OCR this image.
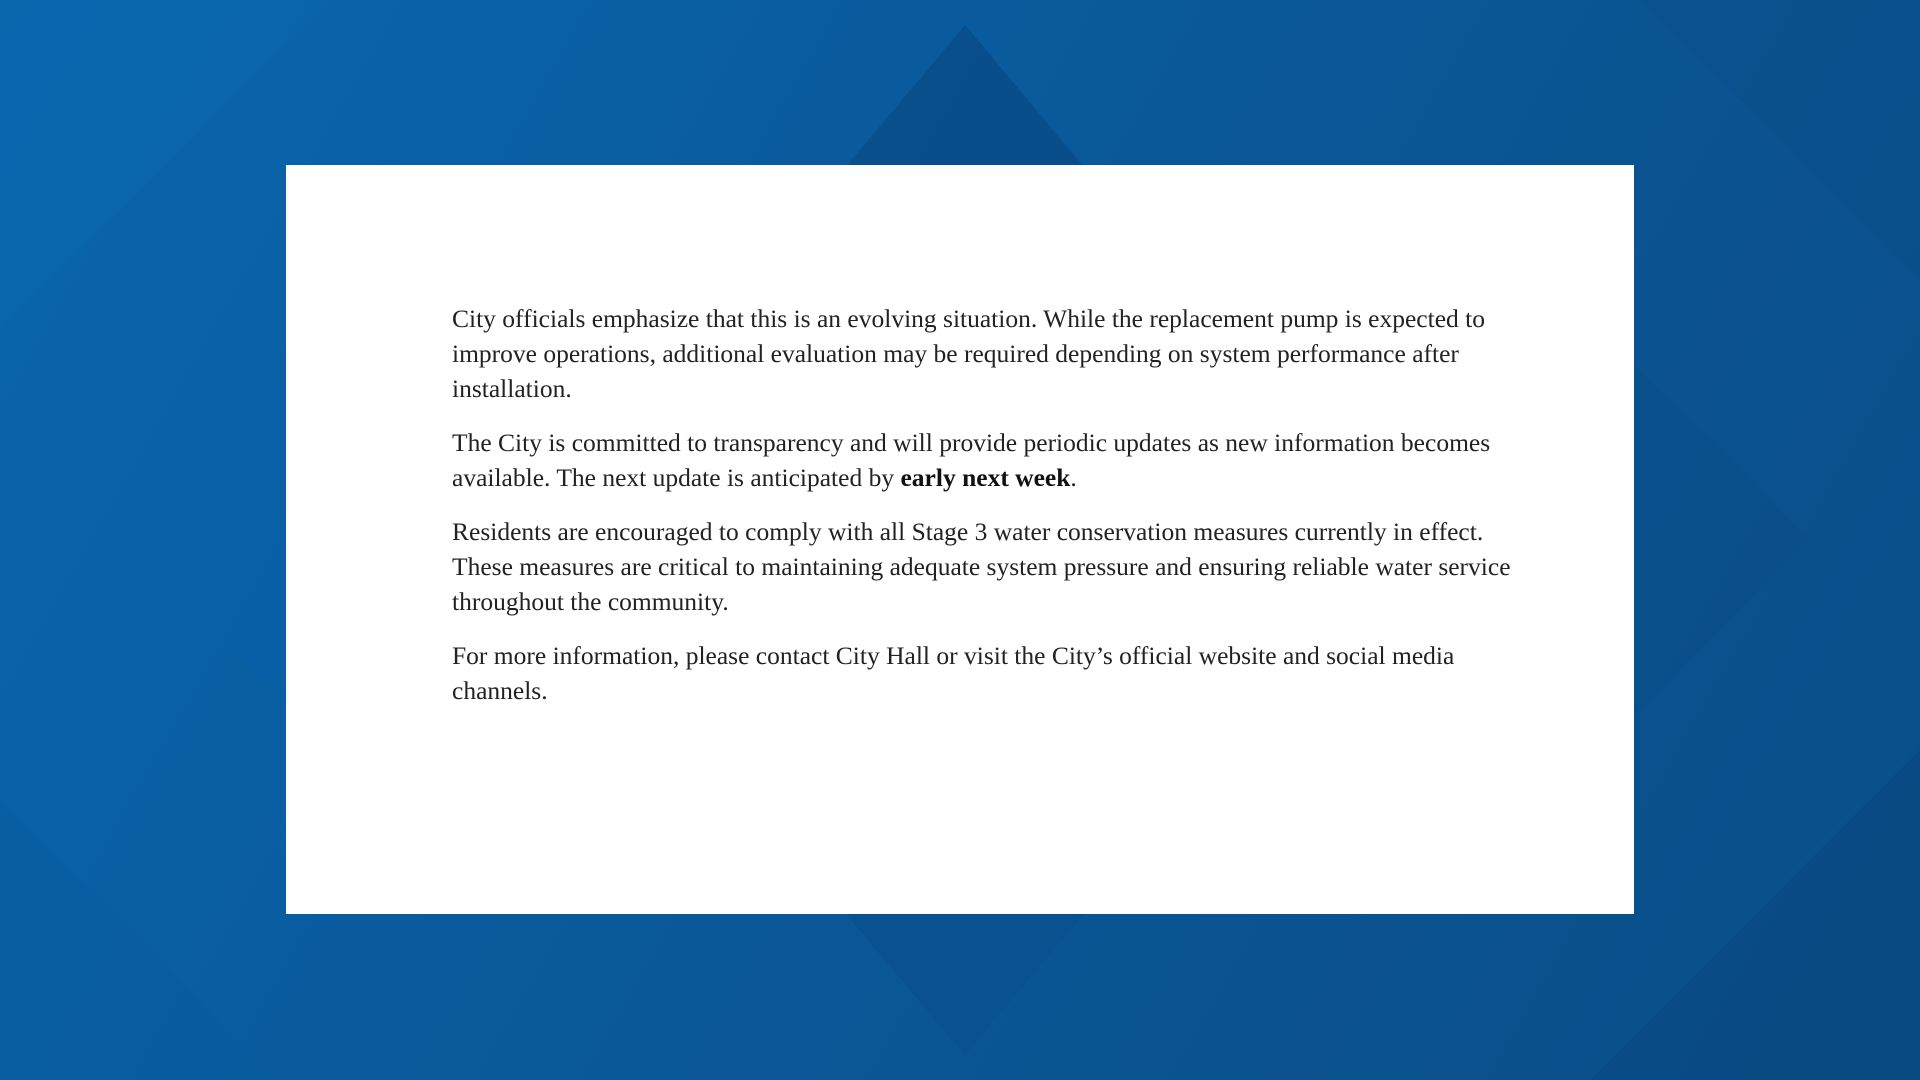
City officials emphasize that this is an evolving situation. While the replacement pump is expected to improve operations, additional evaluation may be required depending on system performance after installation.

The City is committed to transparency and will provide periodic updates as new information becomes available. The next update is anticipated by early next week.

Residents are encouraged to comply with all Stage 3 water conservation measures currently in effect. These measures are critical to maintaining adequate system pressure and ensuring reliable water service throughout the community.

For more information, please contact City Hall or visit the City’s official website and social media channels.
